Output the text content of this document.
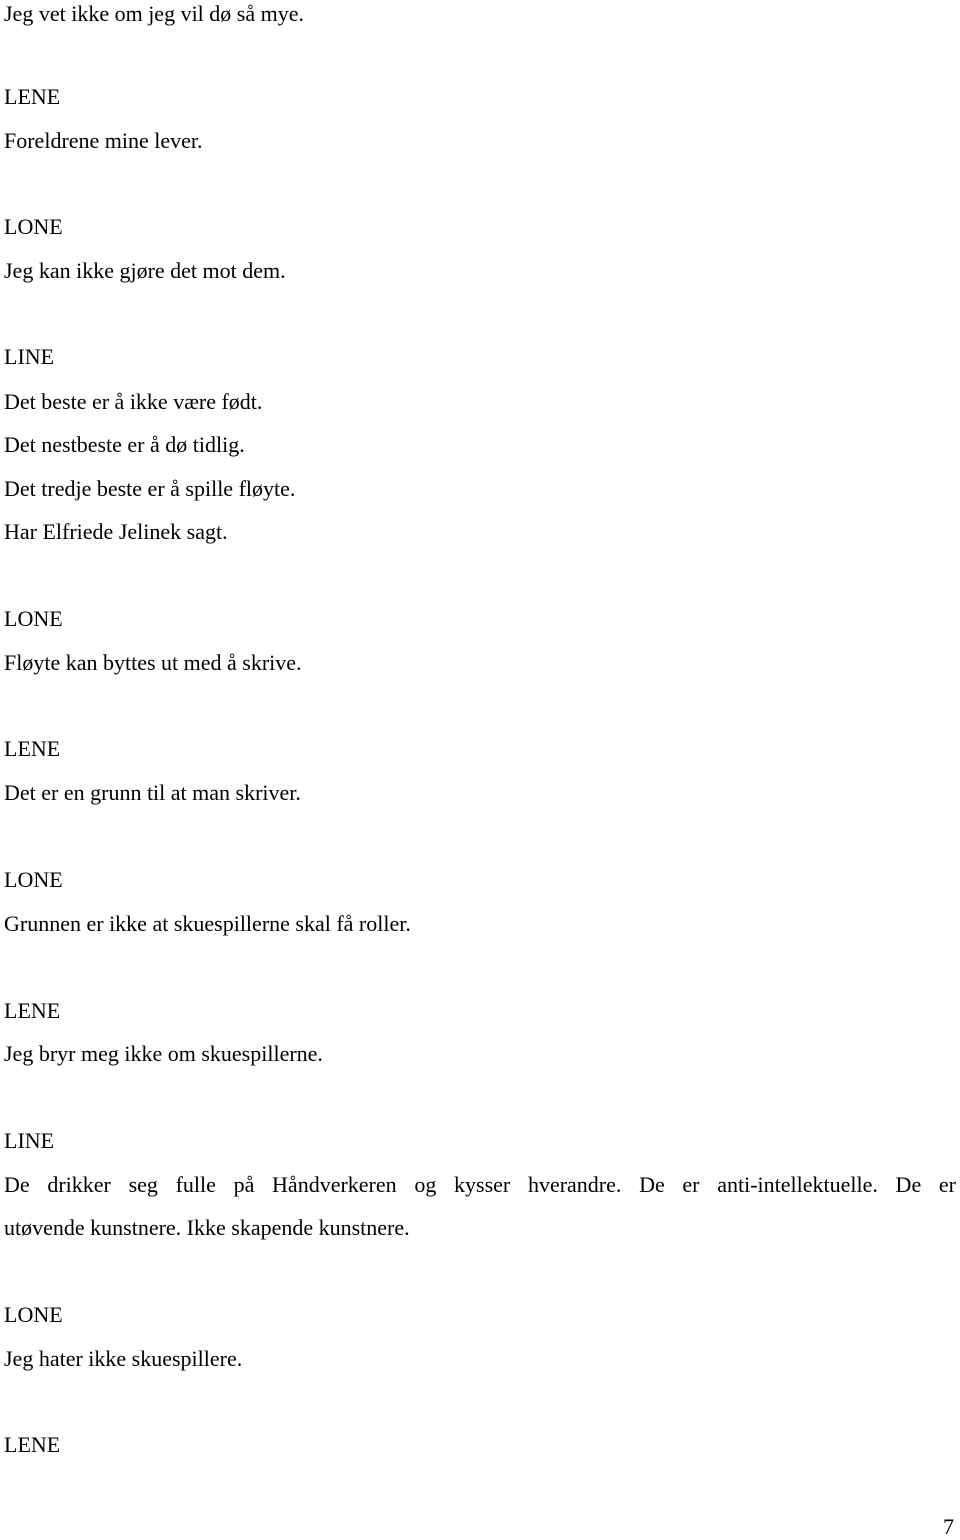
Jeg vet ikke om jeg vil dø så mye.

LENE

Foreldrene mine lever.

LONE

Jeg kan ikke gjøre det mot dem.

LINE

Det beste er å ikke være født.

Det nestbeste er å dø tidlig.

Det tredje beste er å spille fløyte.

Har Elfriede Jelinek sagt.

LONE

Fløyte kan byttes ut med å skrive.

LENE

Det er en grunn til at man skriver.

LONE

Grunnen er ikke at skuespillerne skal få roller.

LENE

Jeg bryr meg ikke om skuespillerne.

LINE

De drikker seg fulle på Håndverkeren og kysser hverandre. De er anti-intellektuelle. De er

utøvende kunstnere. Ikke skapende kunstnere.

LONE

Jeg hater ikke skuespillere.

LENE

7
